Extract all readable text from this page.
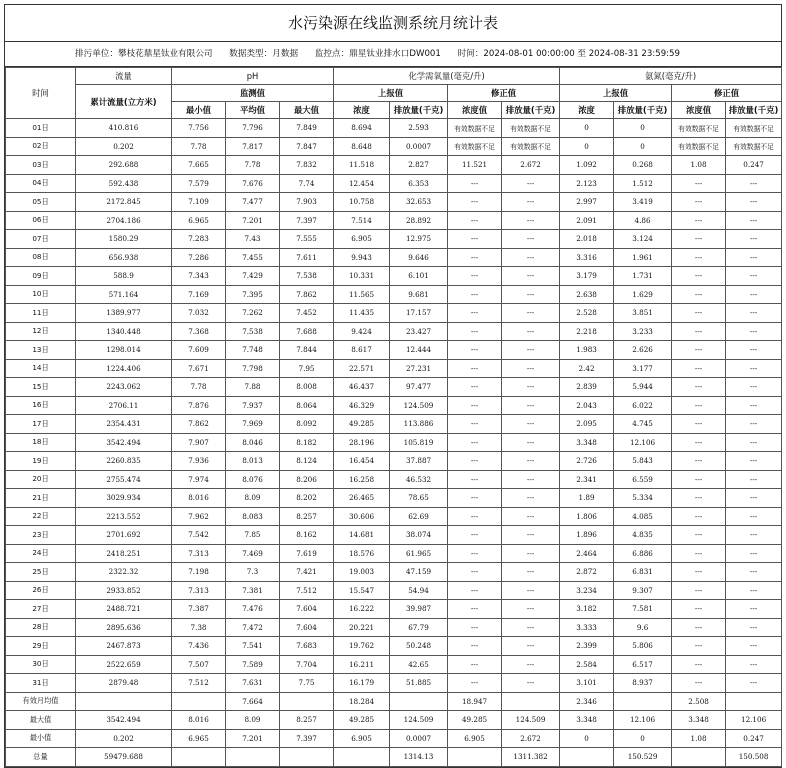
水污染源在线监测系统月统计表
排污单位：攀枝花鼎星钛业有限公司 数据类型：月数据 监控点：鼎星钛业排水口DW001 时间：2024-08-01 00:00:00 至 2024-08-31 23:59:59
时间	流量	pH			化学需氧量(毫克/升)				氨氮(毫克/升)			
	累计流量(立方米)	监测值			上报值		修正值		上报值		修正值	
		最小值	平均值	最大值	浓度	排放量(千克)	浓度值	排放量(千克)	浓度	排放量(千克)	浓度值	排放量(千克)
01日	410.816	7.756	7.796	7.849	8.694	2.593	有效数据不足	有效数据不足	0	0	有效数据不足	有效数据不足
02日	0.202	7.78	7.817	7.847	8.648	0.0007	有效数据不足	有效数据不足	0	0	有效数据不足	有效数据不足
03日	292.688	7.665	7.78	7.832	11.518	2.827	11.521	2.672	1.092	0.268	1.08	0.247
04日	592.438	7.579	7.676	7.74	12.454	6.353	---	---	2.123	1.512	---	---
05日	2172.845	7.109	7.477	7.903	10.758	32.653	---	---	2.997	3.419	---	---
06日	2704.186	6.965	7.201	7.397	7.514	28.892	---	---	2.091	4.86	---	---
07日	1580.29	7.283	7.43	7.555	6.905	12.975	---	---	2.018	3.124	---	---
08日	656.938	7.286	7.455	7.611	9.943	9.646	---	---	3.316	1.961	---	---
09日	588.9	7.343	7.429	7.538	10.331	6.101	---	---	3.179	1.731	---	---
10日	571.164	7.169	7.395	7.862	11.565	9.681	---	---	2.638	1.629	---	---
11日	1389.977	7.032	7.262	7.452	11.435	17.157	---	---	2.528	3.851	---	---
12日	1340.448	7.368	7.538	7.688	9.424	23.427	---	---	2.218	3.233	---	---
13日	1298.014	7.609	7.748	7.844	8.617	12.444	---	---	1.983	2.626	---	---
14日	1224.406	7.671	7.798	7.95	22.571	27.231	---	---	2.42	3.177	---	---
15日	2243.062	7.78	7.88	8.008	46.437	97.477	---	---	2.839	5.944	---	---
16日	2706.11	7.876	7.937	8.064	46.329	124.509	---	---	2.043	6.022	---	---
17日	2354.431	7.862	7.969	8.092	49.285	113.886	---	---	2.095	4.745	---	---
18日	3542.494	7.907	8.046	8.182	28.196	105.819	---	---	3.348	12.106	---	---
19日	2260.835	7.936	8.013	8.124	16.454	37.887	---	---	2.726	5.843	---	---
20日	2755.474	7.974	8.076	8.206	16.258	46.532	---	---	2.341	6.559	---	---
21日	3029.934	8.016	8.09	8.202	26.465	78.65	---	---	1.89	5.334	---	---
22日	2213.552	7.962	8.083	8.257	30.606	62.69	---	---	1.806	4.085	---	---
23日	2701.692	7.542	7.85	8.162	14.681	38.074	---	---	1.896	4.835	---	---
24日	2418.251	7.313	7.469	7.619	18.576	61.965	---	---	2.464	6.886	---	---
25日	2322.32	7.198	7.3	7.421	19.003	47.159	---	---	2.872	6.831	---	---
26日	2933.852	7.313	7.381	7.512	15.547	54.94	---	---	3.234	9.307	---	---
27日	2488.721	7.387	7.476	7.604	16.222	39.987	---	---	3.182	7.581	---	---
28日	2895.636	7.38	7.472	7.604	20.221	67.79	---	---	3.333	9.6	---	---
29日	2467.873	7.436	7.541	7.683	19.762	50.248	---	---	2.399	5.806	---	---
30日	2522.659	7.507	7.589	7.704	16.211	42.65	---	---	2.584	6.517	---	---
31日	2879.48	7.512	7.631	7.75	16.179	51.885	---	---	3.101	8.937	---	---
有效月均值			7.664		18.284		18.947		2.346		2.508	
最大值	3542.494	8.016	8.09	8.257	49.285	124.509	49.285	124.509	3.348	12.106	3.348	12.106
最小值	0.202	6.965	7.201	7.397	6.905	0.0007	6.905	2.672	0	0	1.08	0.247
总量	59479.688					1314.13		1311.382		150.529		150.508
